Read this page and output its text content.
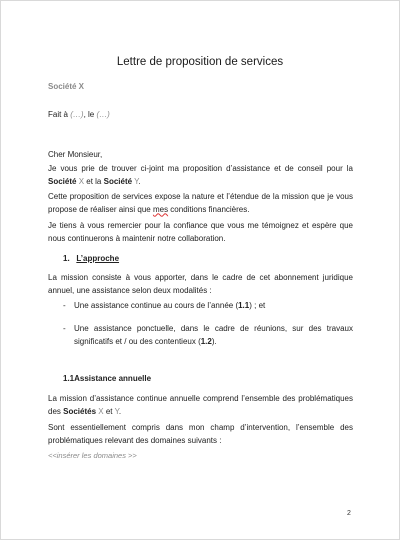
Lettre de proposition de services
Société X
Fait à (…), le (…)
Cher Monsieur,
Je vous prie de trouver ci-joint ma proposition d’assistance et de conseil pour la Société X et la Société Y.
Cette proposition de services expose la nature et l’étendue de la mission que je vous propose de réaliser ainsi que mes conditions financières.
Je tiens à vous remercier pour la confiance que vous me témoignez et espère que nous continuerons à maintenir notre collaboration.
1. L’approche
La mission consiste à vous apporter, dans le cadre de cet abonnement juridique annuel, une assistance selon deux modalités :
- Une assistance continue au cours de l’année (1.1) ; et
- Une assistance ponctuelle, dans le cadre de réunions, sur des travaux significatifs et / ou des contentieux (1.2).
1.1Assistance annuelle
La mission d’assistance continue annuelle comprend l’ensemble des problématiques des Sociétés X et Y.
Sont essentiellement compris dans mon champ d’intervention, l’ensemble des problématiques relevant des domaines suivants :
<<insérer les domaines >>
2
